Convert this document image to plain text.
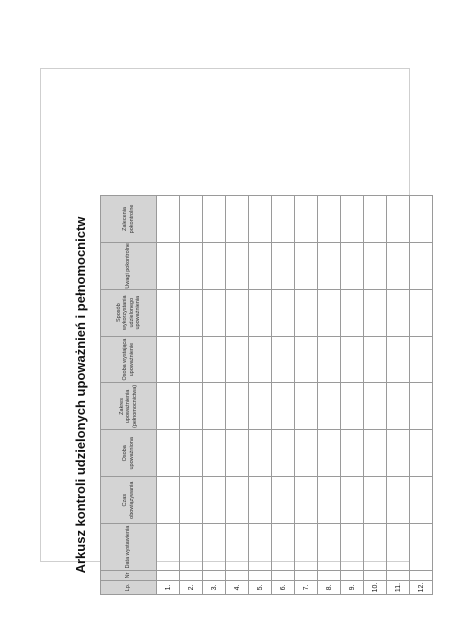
Arkusz kontroli udzielonych upoważnień i pełnomocnictw
Lp.	Nr	Data wystawienia	Czas obowiązywania	Osoba upoważniona	Zakres upoważnienia (pełnomocnictwa)	Osoba wystająca upoważnienie	Sposób wykorzystania udzielonego upoważnienia	Uwagi pokontrolne	Zalecenia pokontrolne
1.									
2.									
3.									
4.									
5.									
6.									
7.									
8.									
9.									
10.									
11.									
12.									
